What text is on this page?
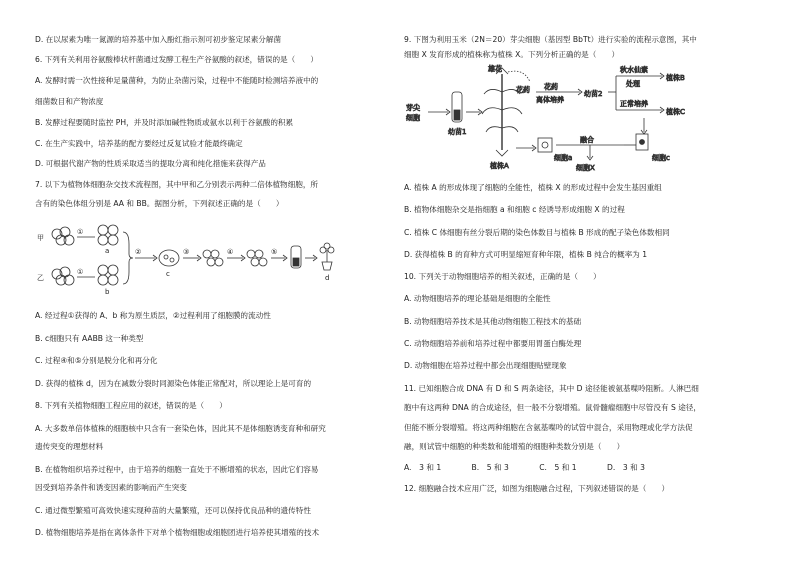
D. 在以尿素为唯一氮源的培养基中加入酚红指示剂可初步鉴定尿素分解菌
6. 下列有关利用谷氨酸棒状杆菌通过发酵工程生产谷氨酸的叙述，错误的是（　　）
A. 发酵时需一次性接种足量菌种，为防止杂菌污染，过程中不能随时检测培养液中的
细菌数目和产物浓度
B. 发酵过程要随时监控 PH，并及时添加碱性物质或氨水以利于谷氨酸的积累
C. 在生产实践中，培养基的配方要经过反复试验才能最终确定
D. 可根据代谢产物的性质采取适当的提取分离和纯化措施来获得产品
7. 以下为植物体细胞杂交技术流程图，其中甲和乙分别表示两种二倍体植物细胞，所
含有的染色体组分别是 AA 和 BB。据图分析，下列叙述正确的是（　　）
甲
乙
①
a
①
b
②
c
③	④	⑤
d
A. 经过程①获得的 A、b 称为原生质层，②过程利用了细胞膜的流动性
B. c细胞只有 AABB 这一种类型
C. 过程④和⑤分别是脱分化和再分化
D. 获得的植株 d，因为在减数分裂时同源染色体能正常配对，所以理论上是可育的
8. 下列有关植物细胞工程应用的叙述，错误的是（　　）
A. 大多数单倍体植株的细胞核中只含有一套染色体，因此其不是体细胞诱变育种和研究
遗传突变的理想材料
B. 在植物组织培养过程中，由于培养的细胞一直处于不断增殖的状态，因此它们容易
因受到培养条件和诱变因素的影响而产生突变
C. 通过微型繁殖可高效快速实现种苗的大量繁殖，还可以保持优良品种的遗传特性
D. 植物细胞培养是指在离体条件下对单个植物细胞或细胞团进行培养使其增殖的技术
9. 下图为利用玉米（2N＝20）芽尖细胞（基因型 BbTt）进行实验的流程示意图，其中
细胞 X 发育形成的植株称为植株 X。下列分析正确的是（　　）
芽尖
细胞
幼苗1
植株A
雄花
花药 花药
离体培养
幼苗2
秋水仙素
处理
正常培养
植株B
植株C
细胞a
融合
细胞X
细胞c
A. 植株 A 的形成体现了细胞的全能性，植株 X 的形成过程中会发生基因重组
B. 植物体细胞杂交是指细胞 a 和细胞 c 经诱导形成细胞 X 的过程
C. 植株 C 体细胞有丝分裂后期的染色体数目与植株 B 形成的配子染色体数相同
D. 获得植株 B 的育种方式可明显缩短育种年限，植株 B 纯合的概率为 1
10. 下列关于动物细胞培养的相关叙述，正确的是（　　）
A. 动物细胞培养的理论基础是细胞的全能性
B. 动物细胞培养技术是其他动物细胞工程技术的基础
C. 动物细胞培养前和培养过程中都要用胃蛋白酶处理
D. 动物细胞在培养过程中都会出现细胞贴壁现象
11. 已知细胞合成 DNA 有 D 和 S 两条途径，其中 D 途径能被氨基喋呤阻断。人淋巴细
胞中有这两种 DNA 的合成途径，但一般不分裂增殖。鼠骨髓瘤细胞中尽管没有 S 途径，
但能不断分裂增殖。将这两种细胞在含氨基喋呤的试管中混合，采用物理或化学方法促
融，则试管中细胞的种类数和能增殖的细胞种类数分别是（　　）
A.　3 和 1　　　　B.　5 和 3　　　　C.　5 和 1　　　　D.　3 和 3
12. 细胞融合技术应用广泛，如图为细胞融合过程，下列叙述错误的是（　　）
